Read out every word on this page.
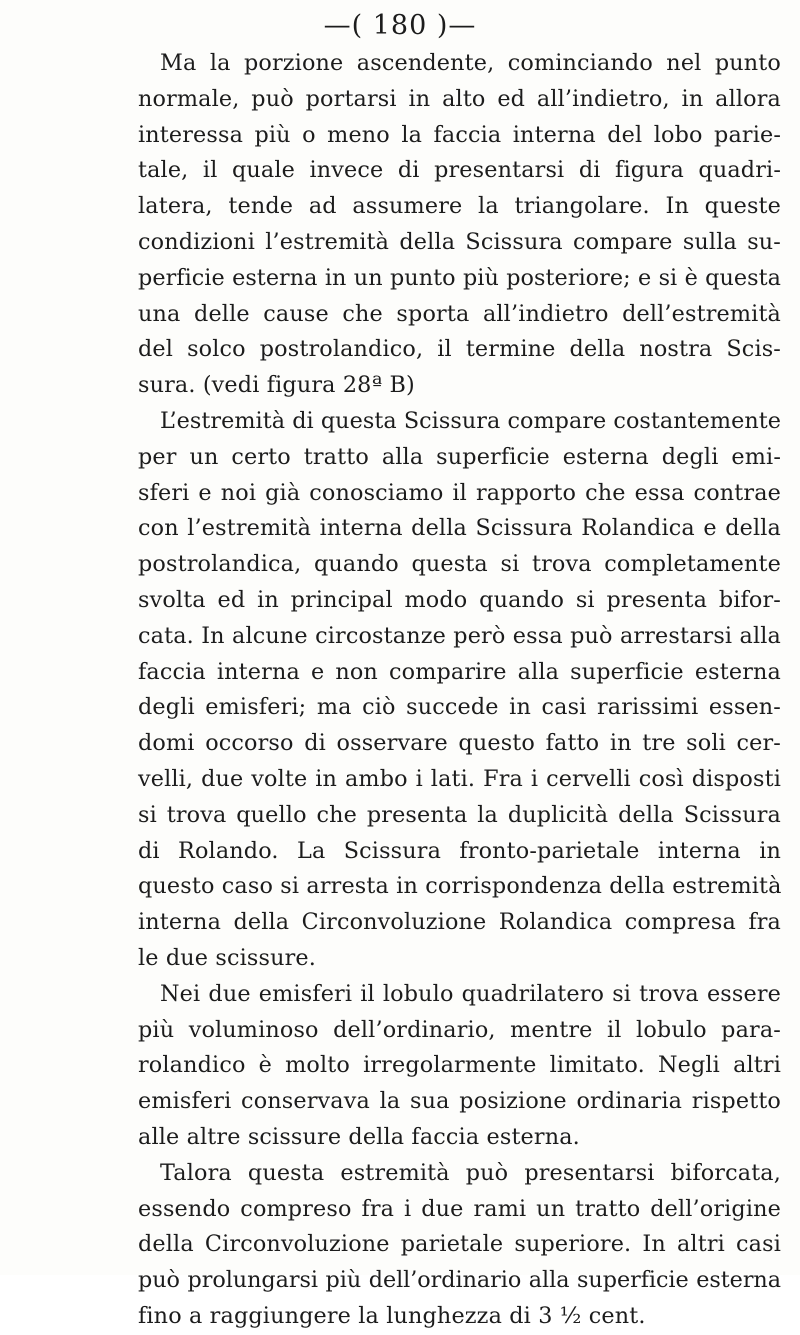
—( 180 )—

Ma la porzione ascendente, cominciando nel punto
normale, può portarsi in alto ed all’indietro, in allora
interessa più o meno la faccia interna del lobo parie-
tale, il quale invece di presentarsi di figura quadri-
latera, tende ad assumere la triangolare. In queste
condizioni l’estremità della Scissura compare sulla su-
perficie esterna in un punto più posteriore; e si è questa
una delle cause che sporta all’indietro dell’estremità
del solco postrolandico, il termine della nostra Scis-
sura. (vedi figura 28ª B)

L’estremità di questa Scissura compare costantemente
per un certo tratto alla superficie esterna degli emi-
sferi e noi già conosciamo il rapporto che essa contrae
con l’estremità interna della Scissura Rolandica e della
postrolandica, quando questa si trova completamente
svolta ed in principal modo quando si presenta bifor-
cata. In alcune circostanze però essa può arrestarsi alla
faccia interna e non comparire alla superficie esterna
degli emisferi; ma ciò succede in casi rarissimi essen-
domi occorso di osservare questo fatto in tre soli cer-
velli, due volte in ambo i lati. Fra i cervelli così disposti
si trova quello che presenta la duplicità della Scissura
di Rolando. La Scissura fronto-parietale interna in
questo caso si arresta in corrispondenza della estremità
interna della Circonvoluzione Rolandica compresa fra
le due scissure.

Nei due emisferi il lobulo quadrilatero si trova essere
più voluminoso dell’ordinario, mentre il lobulo para-
rolandico è molto irregolarmente limitato. Negli altri
emisferi conservava la sua posizione ordinaria rispetto
alle altre scissure della faccia esterna.

Talora questa estremità può presentarsi biforcata,
essendo compreso fra i due rami un tratto dell’origine
della Circonvoluzione parietale superiore. In altri casi
può prolungarsi più dell’ordinario alla superficie esterna
fino a raggiungere la lunghezza di 3 ½ cent.
